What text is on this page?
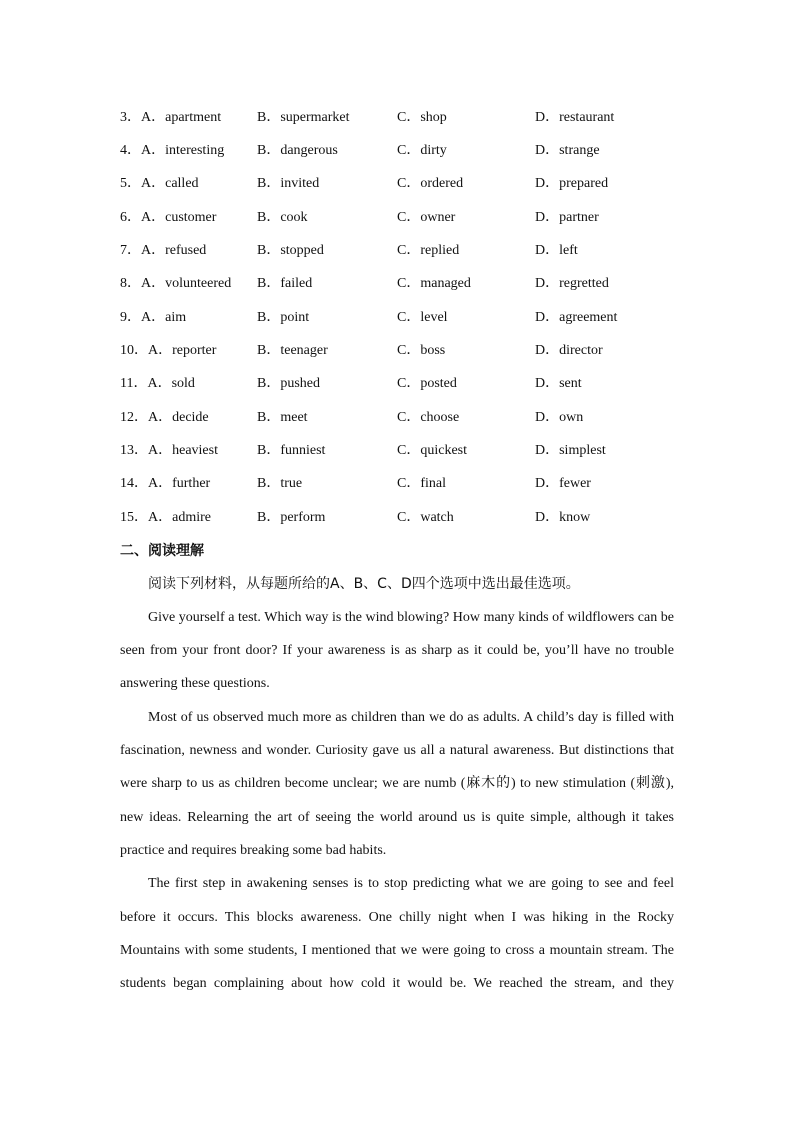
3．A．apartment	B．supermarket	C．shop	D．restaurant
4．A．interesting B．dangerous	C．dirty	D．strange
5．A．called	B．invited	C．ordered	D．prepared
6．A．customer	B．cook	C．owner	D．partner
7．A．refused	B．stopped	C．replied	D．left
8．A．volunteered B．failed	C．managed	D．regretted
9．A．aim	B．point	C．level	D．agreement
10．A．reporter	B．teenager	C．boss	D．director
11．A．sold	B．pushed	C．posted	D．sent
12．A．decide	B．meet	C．choose	D．own
13．A．heaviest	B．funniest	C．quickest	D．simplest
14．A．further	B．true	C．final	D．fewer
15．A．admire	B．perform	C．watch	D．know
二、阅读理解
阅读下列材料，从每题所给的A、B、C、D四个选项中选出最佳选项。
Give yourself a test. Which way is the wind blowing? How many kinds of wildflowers can be
seen from your front door? If your awareness is as sharp as it could be, you’ll have no trouble
answering these questions.
Most of us observed much more as children than we do as adults. A child’s day is filled with
fascination, newness and wonder. Curiosity gave us all a natural awareness. But distinctions that
were sharp to us as children become unclear; we are numb (麻木的) to new stimulation (刺激),
new ideas. Relearning the art of seeing the world around us is quite simple, although it takes
practice and requires breaking some bad habits.
The first step in awakening senses is to stop predicting what we are going to see and feel
before it occurs. This blocks awareness. One chilly night when I was hiking in the Rocky
Mountains with some students, I mentioned that we were going to cross a mountain stream. The
students began complaining about how cold it would be. We reached the stream, and they
